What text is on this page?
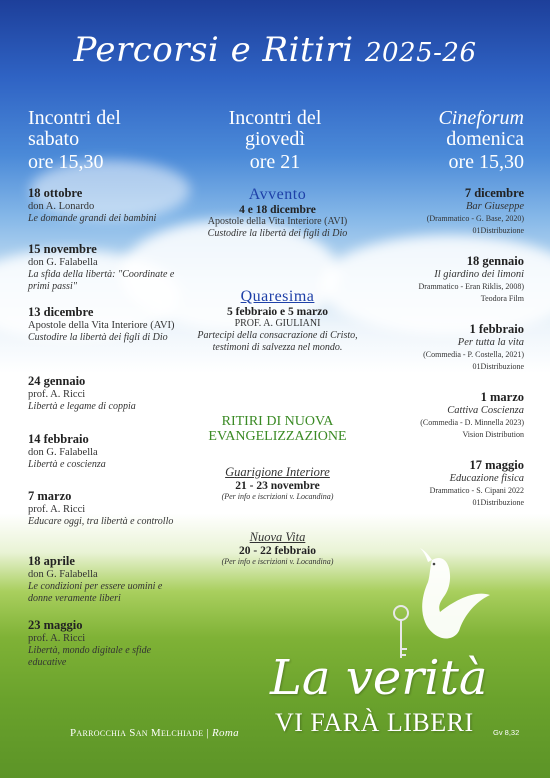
Percorsi e Ritiri 2025-26
Incontri del
sabato
ore 15,30
Incontri del
giovedì
ore 21
Cineforum
domenica
ore 15,30
18 ottobre
don A. Lonardo
Le domande grandi dei bambini
15 novembre
don G. Falabella
La sfida della libertà: "Coordinate e primi passi"
13 dicembre
Apostole della Vita Interiore (AVI)
Custodire la libertà dei figli di Dio
24 gennaio
prof. A. Ricci
Libertà e legame di coppia
14 febbraio
don G. Falabella
Libertà e coscienza
7 marzo
prof. A. Ricci
Educare oggi, tra libertà e controllo
18 aprile
don G. Falabella
Le condizioni per essere uomini e donne veramente liberi
23 maggio
prof. A. Ricci
Libertà, mondo digitale e sfide educative
Avvento
4 e 18 dicembre
Apostole della Vita Interiore (AVI)
Custodire la libertà dei figli di Dio
Quaresima
5 febbraio e 5 marzo
PROF. A. GIULIANI
Partecipi della consacrazione di Cristo, testimoni di salvezza nel mondo.
RITIRI DI NUOVA
EVANGELIZZAZIONE
Guarigione Interiore
21 - 23 novembre
(Per info e iscrizioni v. Locandina)
Nuova Vita
20 - 22 febbraio
(Per info e iscrizioni v. Locandina)
7 dicembre
Bar Giuseppe
(Drammatico - G. Base, 2020)
01Distribuzione
18 gennaio
Il giardino dei limoni
Drammatico - Eran Riklis, 2008)
Teodora Film
1 febbraio
Per tutta la vita
(Commedia - P. Costella, 2021)
01Distribuzione
1 marzo
Cattiva Coscienza
(Commedia - D. Minnella 2023)
Vision Distribution
17 maggio
Educazione fisica
Drammatico - S. Cipani 2022
01Distribuzione
La verità
VI FARÀ LIBERI	Gv 8,32
Parrocchia San Melchiade | Roma
